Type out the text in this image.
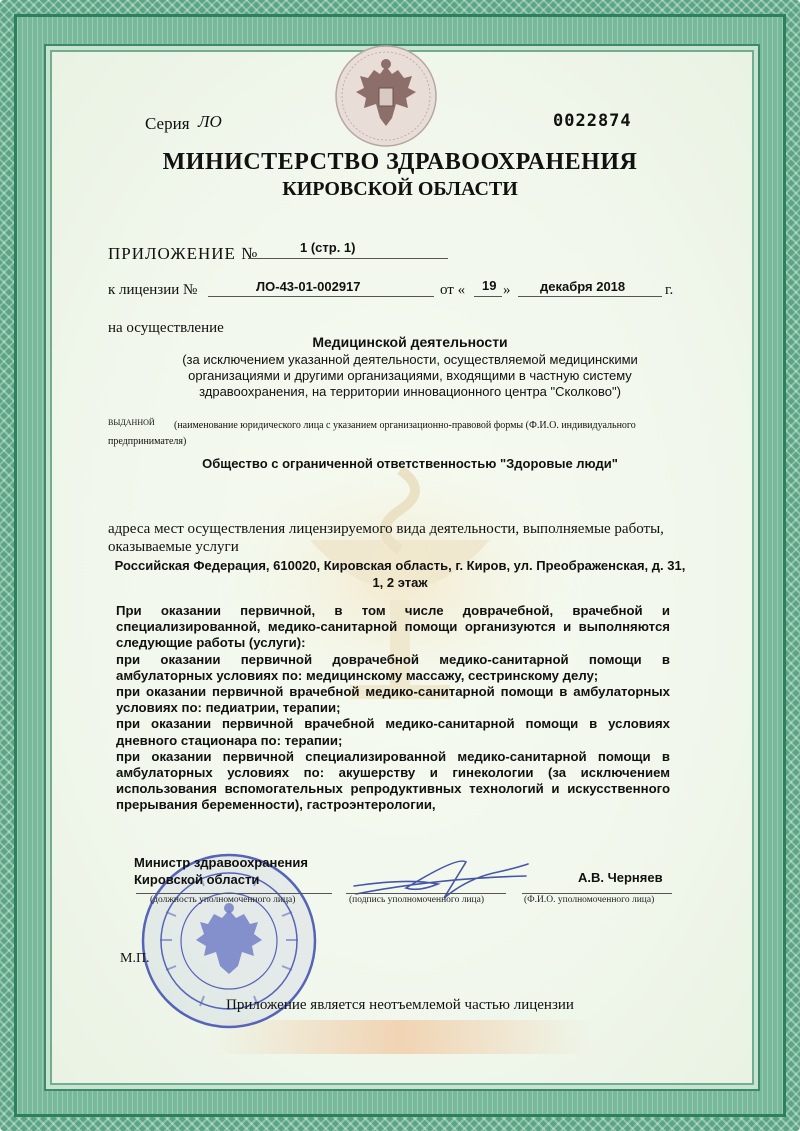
Серия ЛО	0022874
МИНИСТЕРСТВО ЗДРАВООХРАНЕНИЯ
КИРОВСКОЙ ОБЛАСТИ
ПРИЛОЖЕНИЕ №	1 (стр. 1)
к лицензии №	ЛО-43-01-002917	от « 19 » декабря 2018	г.
на осуществление
Медицинской деятельности
(за исключением указанной деятельности, осуществляемой медицинскими организациями и другими организациями, входящими в частную систему здравоохранения, на территории инновационного центра "Сколково")
выданной (наименование юридического лица с указанием организационно-правовой формы (Ф.И.О. индивидуального
предпринимателя)
Общество с ограниченной ответственностью "Здоровые люди"
адреса мест осуществления лицензируемого вида деятельности, выполняемые работы, оказываемые услуги
Российская Федерация, 610020, Кировская область, г. Киров, ул. Преображенская, д. 31, 1, 2 этаж

При оказании первичной, в том числе доврачебной, врачебной и специализированной, медико-санитарной помощи организуются и выполняются следующие работы (услуги):

при оказании первичной доврачебной медико-санитарной помощи в амбулаторных условиях по: медицинскому массажу, сестринскому делу;

при оказании первичной врачебной медико-санитарной помощи в амбулаторных условиях по: педиатрии, терапии;

при оказании первичной врачебной медико-санитарной помощи в условиях дневного стационара по: терапии;

при оказании первичной специализированной медико-санитарной помощи в амбулаторных условиях по: акушерству и гинекологии (за исключением использования вспомогательных репродуктивных технологий и искусственного прерывания беременности), гастроэнтерологии,

Министр здравоохранения Кировской области	А.В. Черняев
(должность уполномоченного лица)	(подпись уполномоченного лица)	(Ф.И.О. уполномоченного лица)
М.П.
Приложение является неотъемлемой частью лицензии
